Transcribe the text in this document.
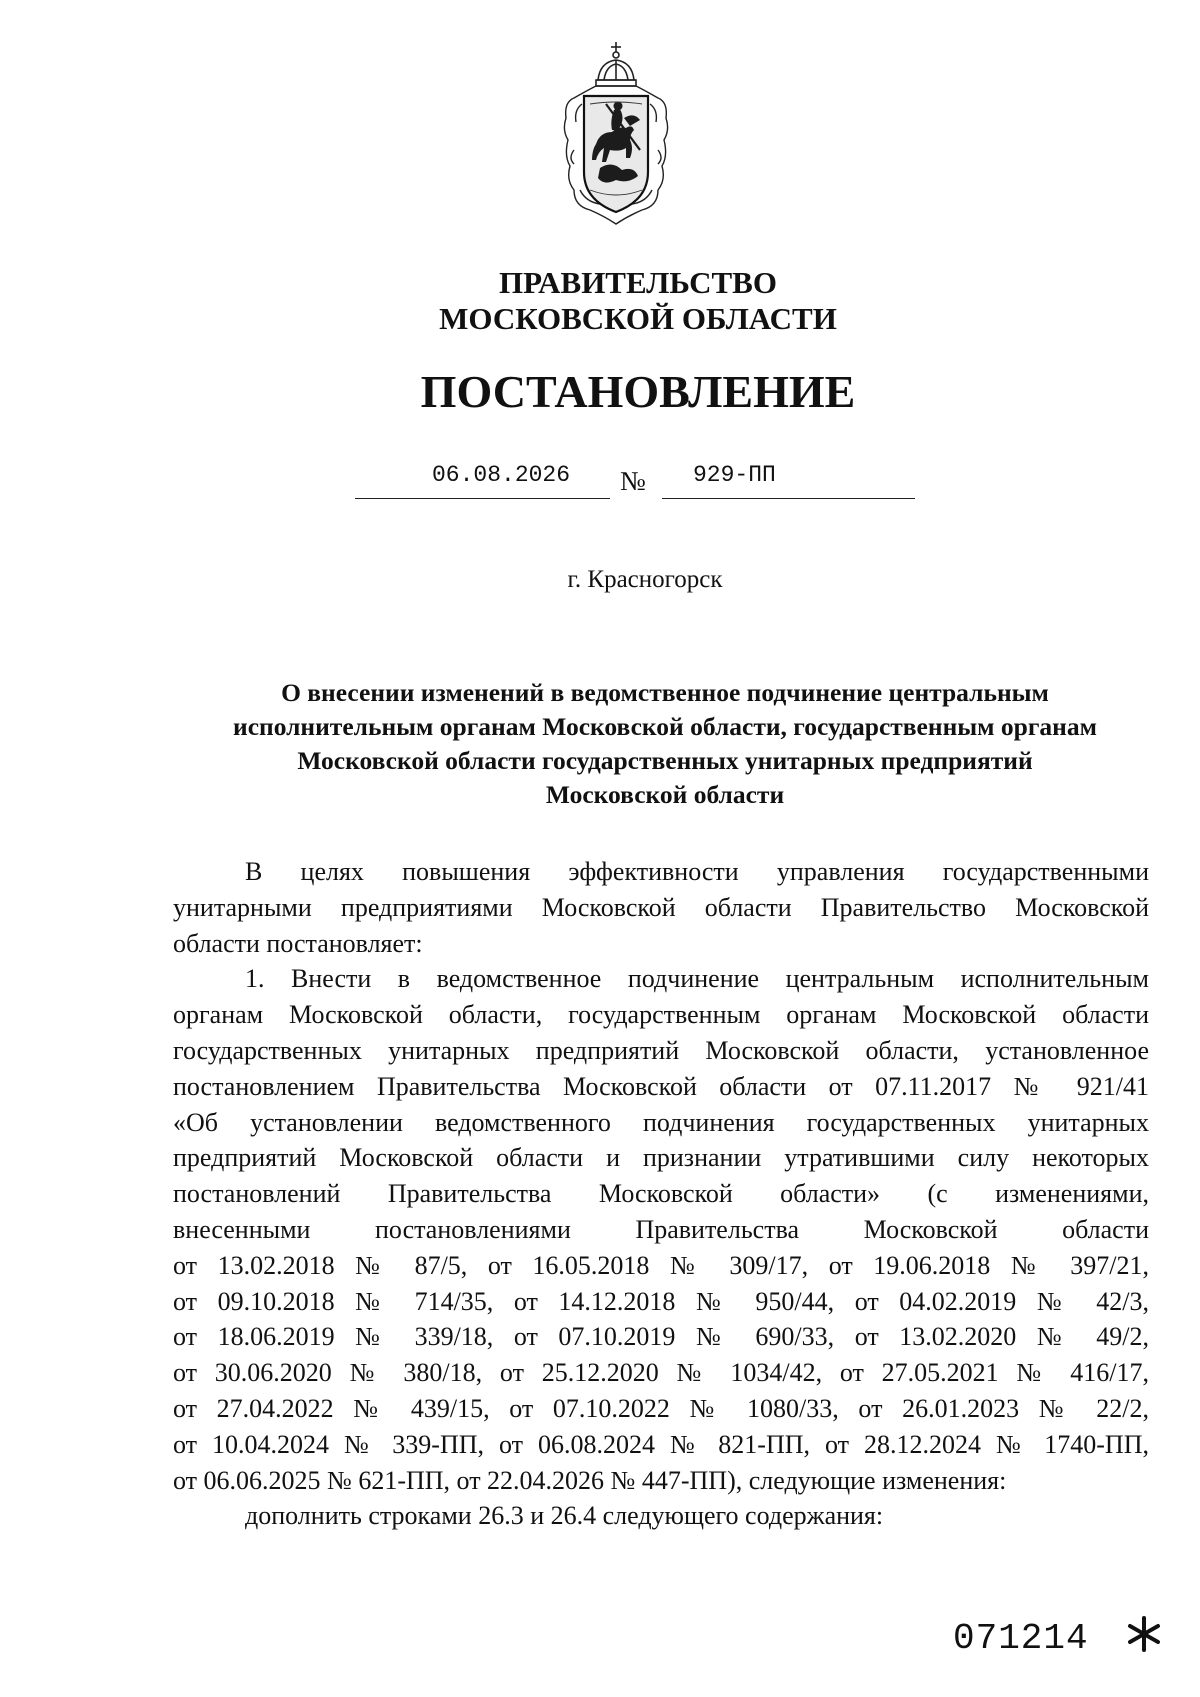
ПРАВИТЕЛЬСТВО
МОСКОВСКОЙ ОБЛАСТИ
ПОСТАНОВЛЕНИЕ
06.08.2026 № 929-ПП
г. Красногорск
О внесении изменений в ведомственное подчинение центральным
исполнительным органам Московской области, государственным органам
Московской области государственных унитарных предприятий
Московской области
В целях повышения эффективности управления государственными
унитарными предприятиями Московской области Правительство Московской
области постановляет:
1. Внести в ведомственное подчинение центральным исполнительным
органам Московской области, государственным органам Московской области
государственных унитарных предприятий Московской области, установленное
постановлением Правительства Московской области от 07.11.2017 № 921/41
«Об установлении ведомственного подчинения государственных унитарных
предприятий Московской области и признании утратившими силу некоторых
постановлений Правительства Московской области» (с изменениями,
внесенными постановлениями Правительства Московской области
от 13.02.2018 № 87/5, от 16.05.2018 № 309/17, от 19.06.2018 № 397/21,
от 09.10.2018 № 714/35, от 14.12.2018 № 950/44, от 04.02.2019 № 42/3,
от 18.06.2019 № 339/18, от 07.10.2019 № 690/33, от 13.02.2020 № 49/2,
от 30.06.2020 № 380/18, от 25.12.2020 № 1034/42, от 27.05.2021 № 416/17,
от 27.04.2022 № 439/15, от 07.10.2022 № 1080/33, от 26.01.2023 № 22/2,
от 10.04.2024 № 339-ПП, от 06.08.2024 № 821-ПП, от 28.12.2024 № 1740-ПП,
от 06.06.2025 № 621-ПП, от 22.04.2026 № 447-ПП), следующие изменения:
дополнить строками 26.3 и 26.4 следующего содержания:
071214
